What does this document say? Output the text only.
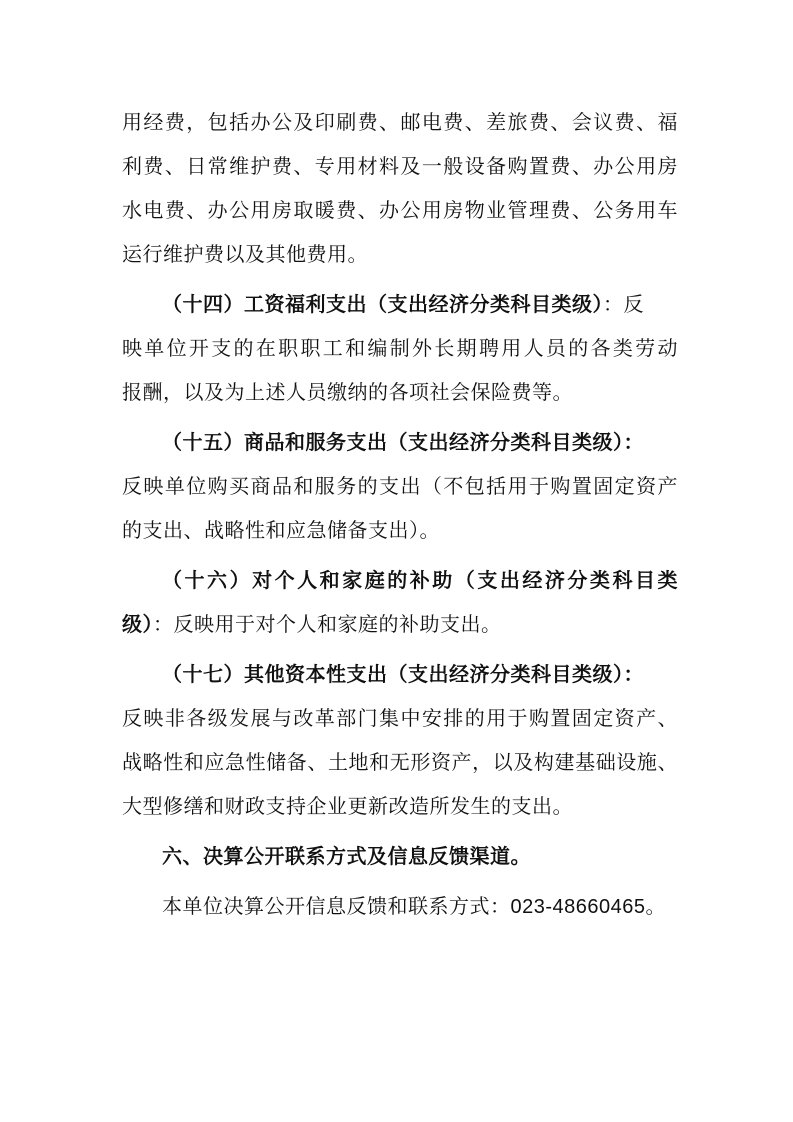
用经费，包括办公及印刷费、邮电费、差旅费、会议费、福
利费、日常维护费、专用材料及一般设备购置费、办公用房
水电费、办公用房取暖费、办公用房物业管理费、公务用车
运行维护费以及其他费用。
（十四）工资福利支出（支出经济分类科目类级）：反
映单位开支的在职职工和编制外长期聘用人员的各类劳动
报酬，以及为上述人员缴纳的各项社会保险费等。
（十五）商品和服务支出（支出经济分类科目类级）：
反映单位购买商品和服务的支出（不包括用于购置固定资产
的支出、战略性和应急储备支出）。
（十六）对个人和家庭的补助（支出经济分类科目类
级）：反映用于对个人和家庭的补助支出。
（十七）其他资本性支出（支出经济分类科目类级）：
反映非各级发展与改革部门集中安排的用于购置固定资产、
战略性和应急性储备、土地和无形资产，以及构建基础设施、
大型修缮和财政支持企业更新改造所发生的支出。
六、决算公开联系方式及信息反馈渠道。
本单位决算公开信息反馈和联系方式：023-48660465。
